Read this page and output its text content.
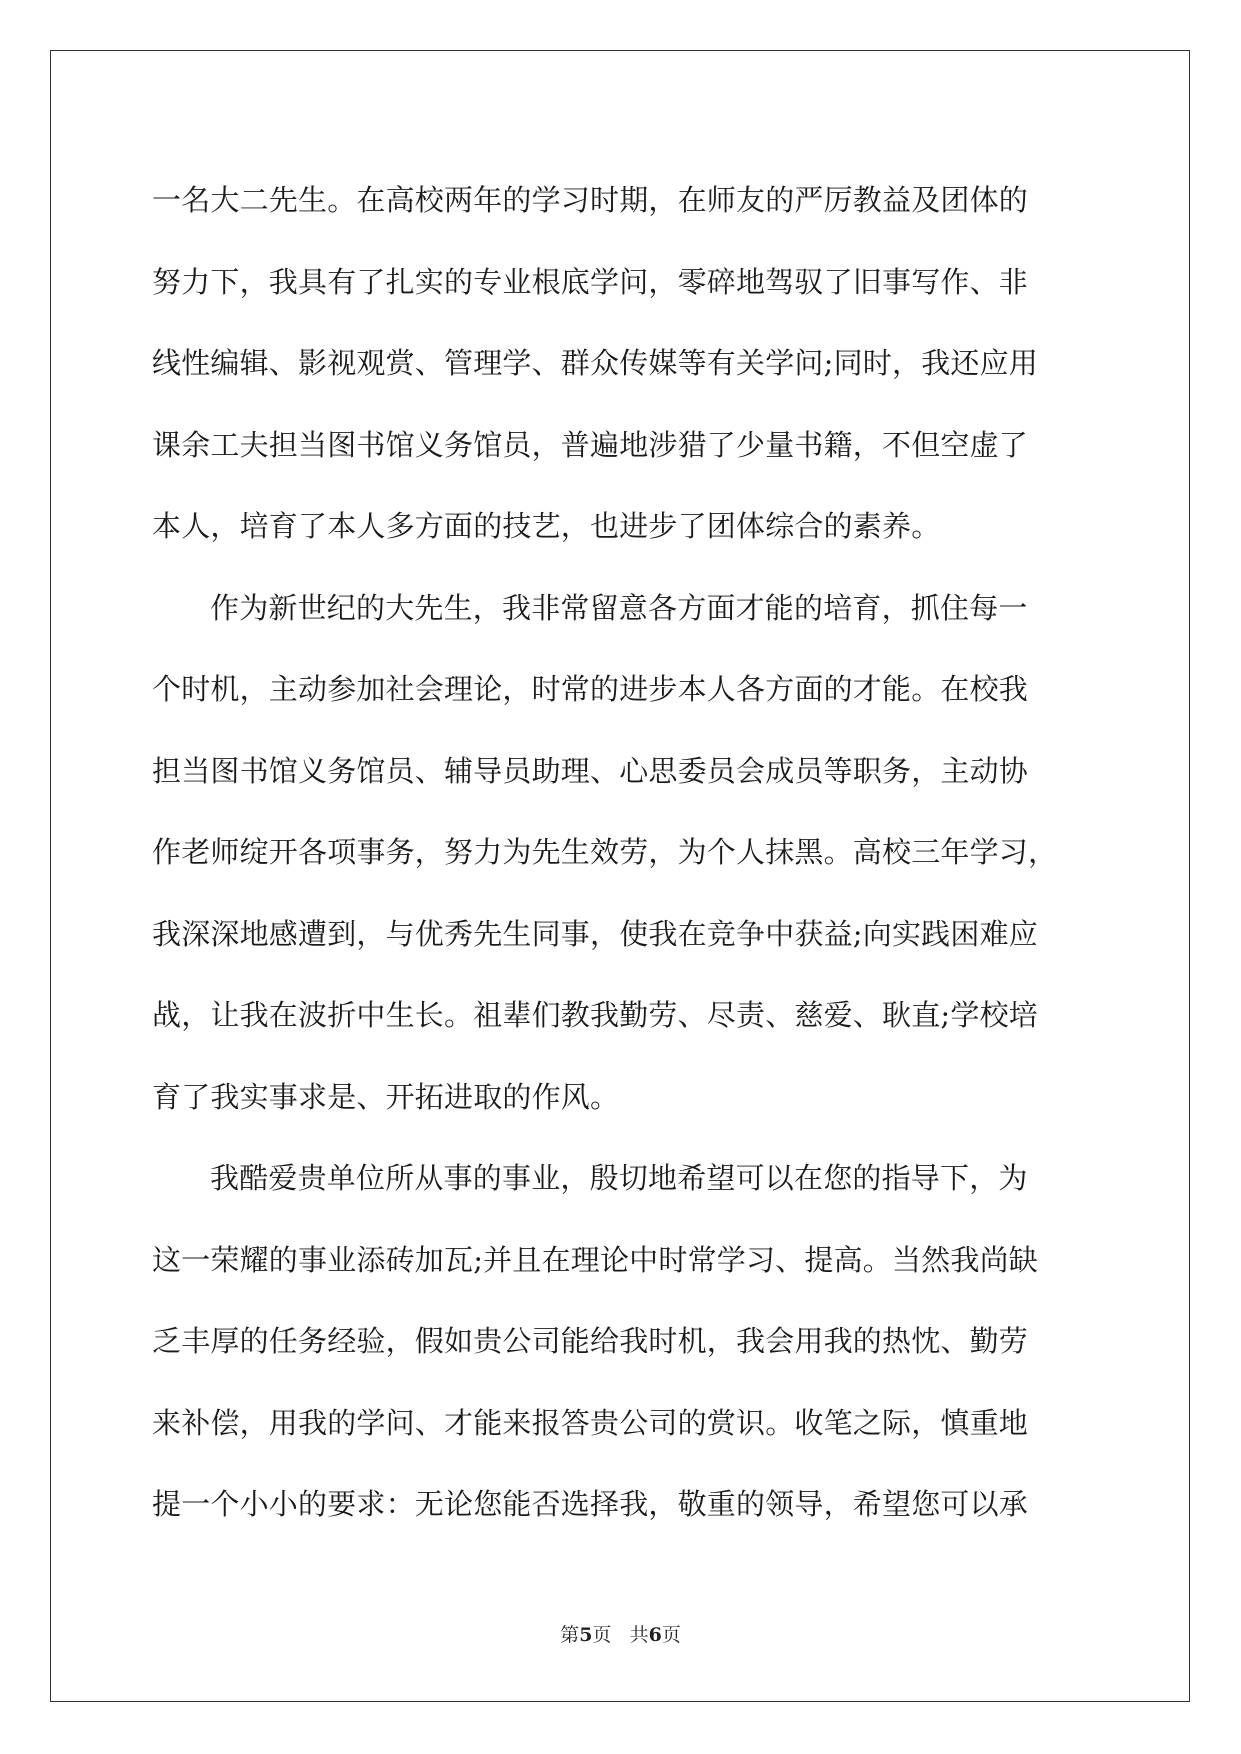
一名大二先生。在高校两年的学习时期，在师友的严厉教益及团体的
努力下，我具有了扎实的专业根底学问，零碎地驾驭了旧事写作、非
线性编辑、影视观赏、管理学、群众传媒等有关学问;同时，我还应用
课余工夫担当图书馆义务馆员，普遍地涉猎了少量书籍，不但空虚了
本人，培育了本人多方面的技艺，也进步了团体综合的素养。

作为新世纪的大先生，我非常留意各方面才能的培育，抓住每一
个时机，主动参加社会理论，时常的进步本人各方面的才能。在校我
担当图书馆义务馆员、辅导员助理、心思委员会成员等职务，主动协
作老师绽开各项事务，努力为先生效劳，为个人抹黑。高校三年学习，
我深深地感遭到，与优秀先生同事，使我在竞争中获益;向实践困难应
战，让我在波折中生长。祖辈们教我勤劳、尽责、慈爱、耿直;学校培
育了我实事求是、开拓进取的作风。

我酷爱贵单位所从事的事业，殷切地希望可以在您的指导下，为
这一荣耀的事业添砖加瓦;并且在理论中时常学习、提高。当然我尚缺
乏丰厚的任务经验，假如贵公司能给我时机，我会用我的热忱、勤劳
来补偿，用我的学问、才能来报答贵公司的赏识。收笔之际，慎重地
提一个小小的要求：无论您能否选择我，敬重的领导，希望您可以承

第5页 共6页
